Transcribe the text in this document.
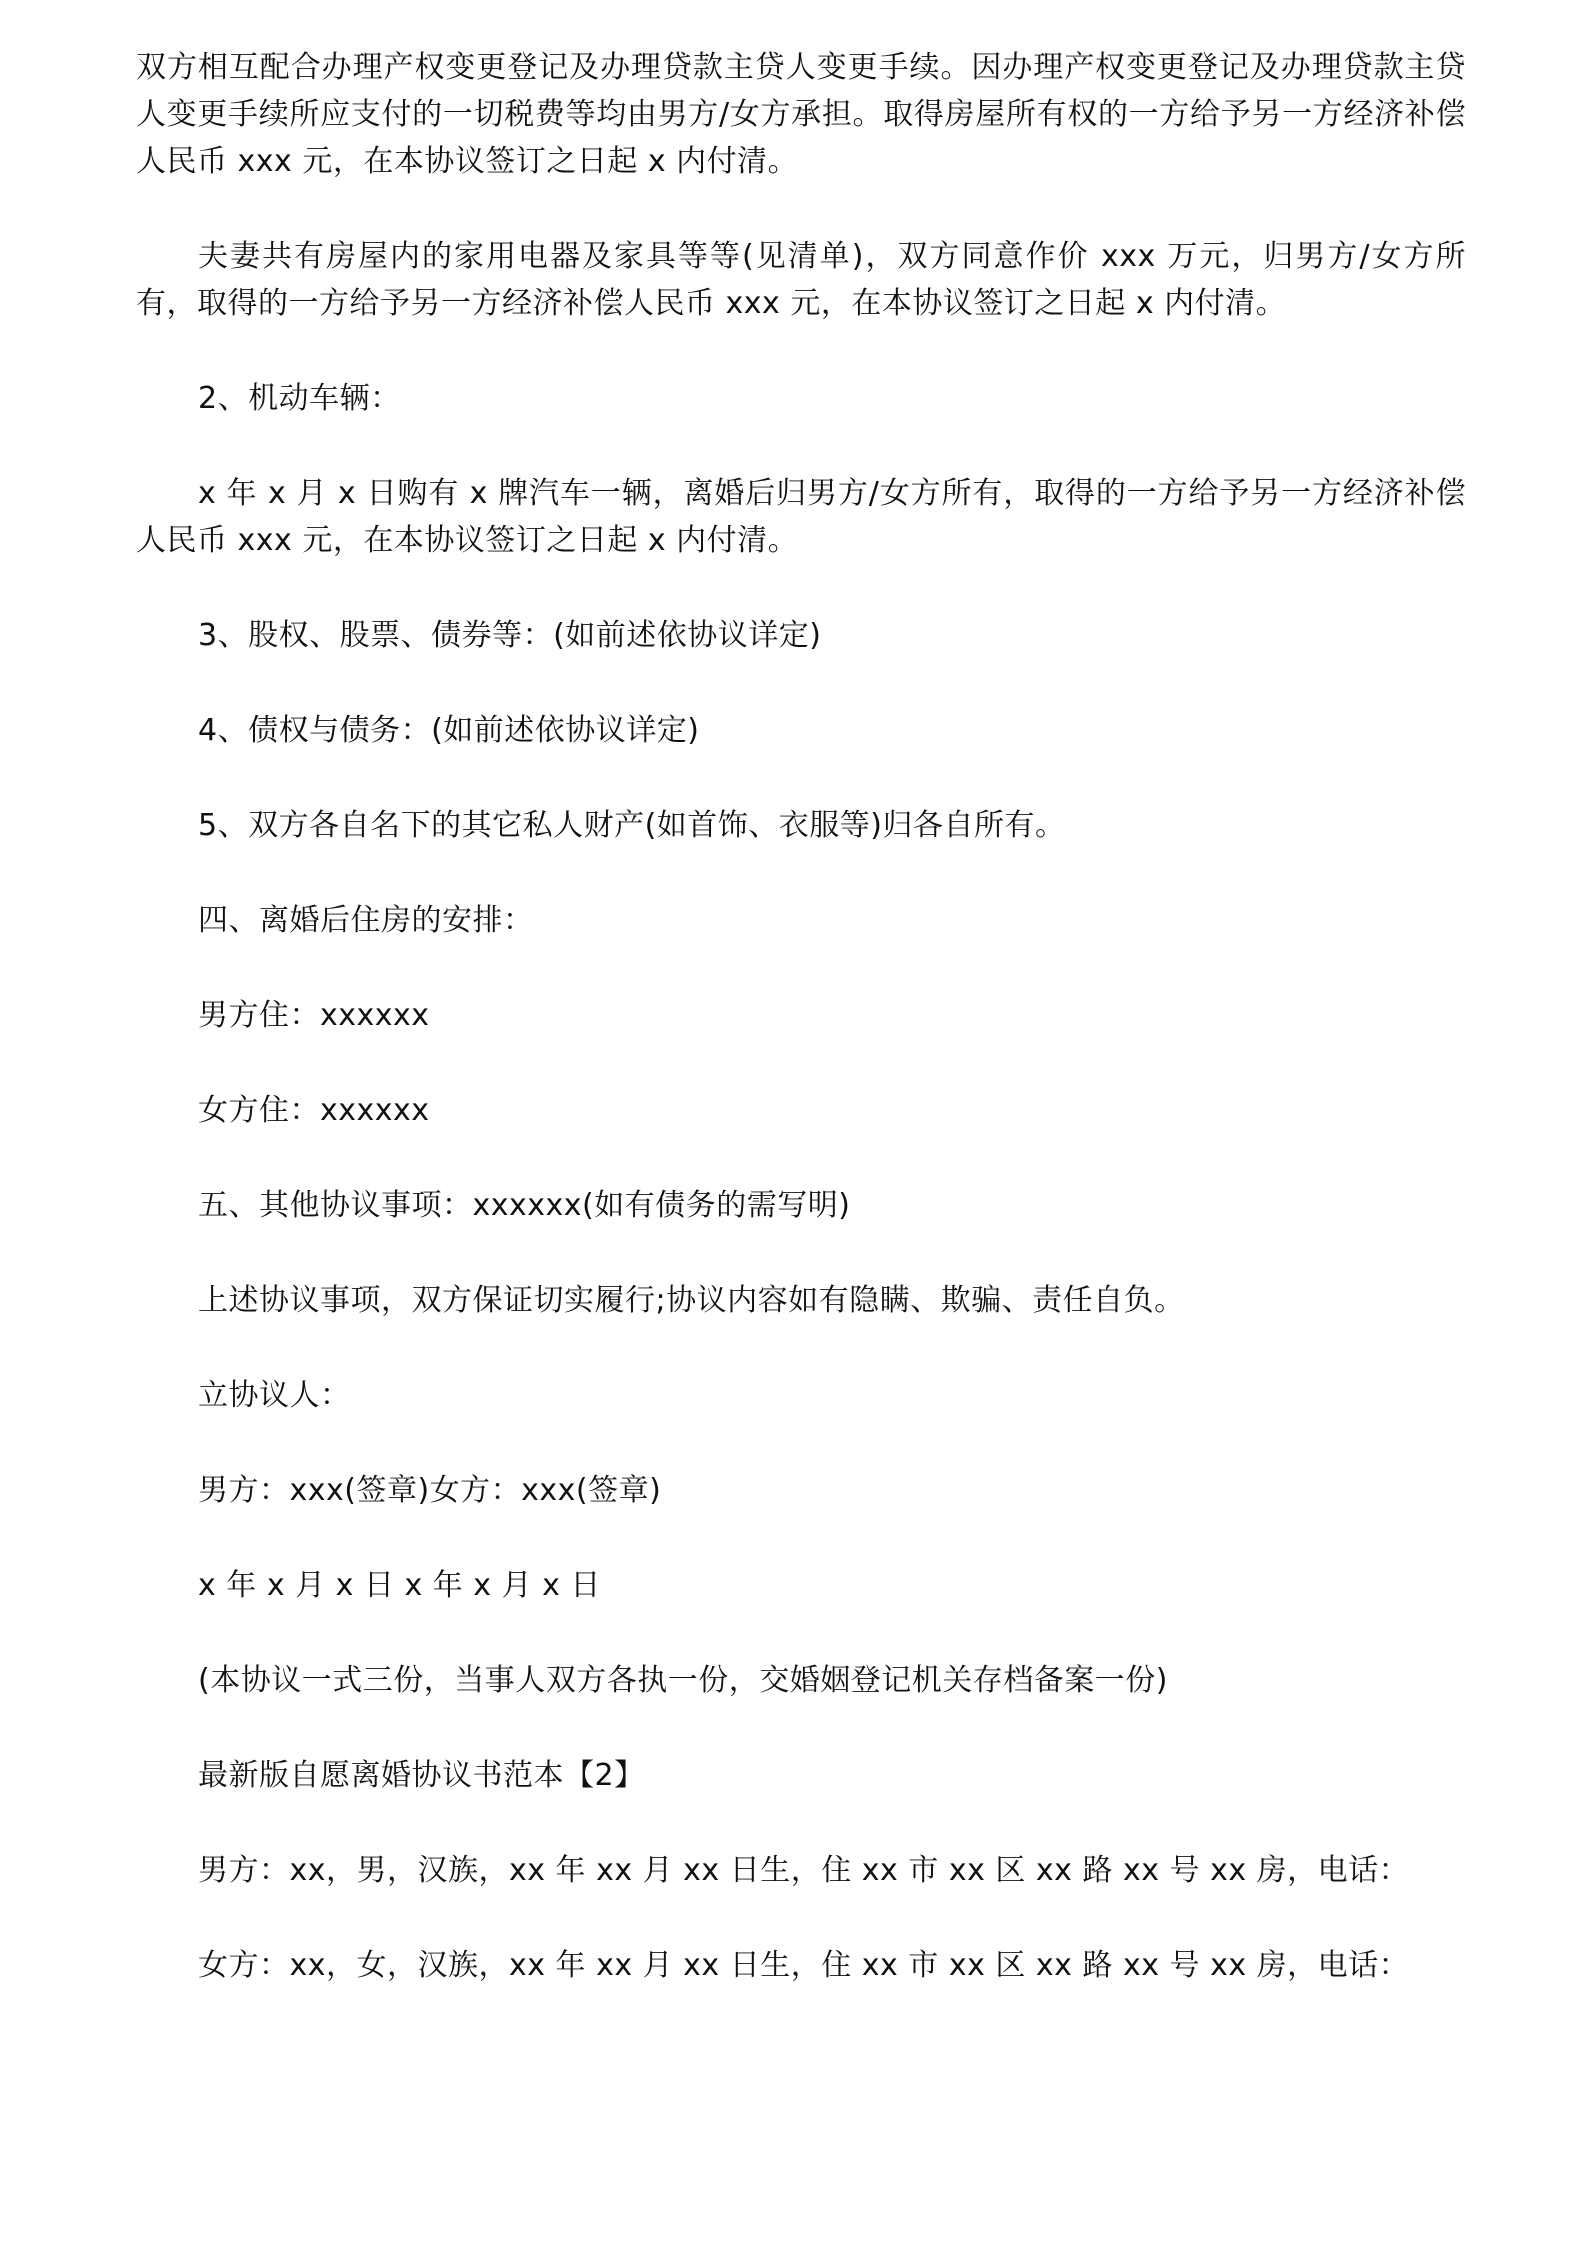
双方相互配合办理产权变更登记及办理贷款主贷人变更手续。因办理产权变更登记及办理贷款主贷人变更手续所应支付的一切税费等均由男方/女方承担。取得房屋所有权的一方给予另一方经济补偿人民币 xxx 元，在本协议签订之日起 x 内付清。

夫妻共有房屋内的家用电器及家具等等(见清单)，双方同意作价 xxx 万元，归男方/女方所有，取得的一方给予另一方经济补偿人民币 xxx 元，在本协议签订之日起 x 内付清。

2、机动车辆：

x 年 x 月 x 日购有 x 牌汽车一辆，离婚后归男方/女方所有，取得的一方给予另一方经济补偿人民币 xxx 元，在本协议签订之日起 x 内付清。

3、股权、股票、债券等：(如前述依协议详定)

4、债权与债务：(如前述依协议详定)

5、双方各自名下的其它私人财产(如首饰、衣服等)归各自所有。

四、离婚后住房的安排：

男方住：xxxxxx

女方住：xxxxxx

五、其他协议事项：xxxxxx(如有债务的需写明)

上述协议事项，双方保证切实履行;协议内容如有隐瞒、欺骗、责任自负。

立协议人：

男方：xxx(签章)女方：xxx(签章)

x 年 x 月 x 日 x 年 x 月 x 日

(本协议一式三份，当事人双方各执一份，交婚姻登记机关存档备案一份)

最新版自愿离婚协议书范本【2】

男方：xx，男，汉族，xx 年 xx 月 xx 日生，住 xx 市 xx 区 xx 路 xx 号 xx 房，电话：

女方：xx，女，汉族，xx 年 xx 月 xx 日生，住 xx 市 xx 区 xx 路 xx 号 xx 房，电话：
